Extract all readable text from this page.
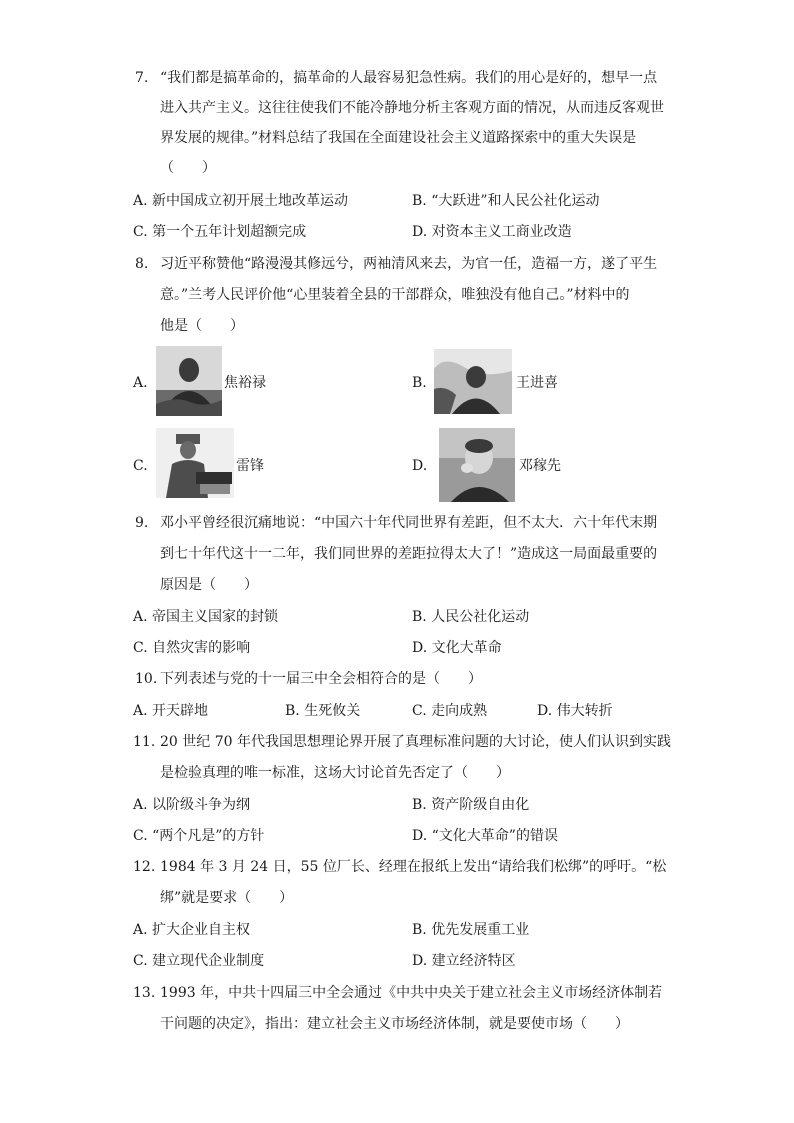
7. “我们都是搞革命的，搞革命的人最容易犯急性病。我们的用心是好的，想早一点
进入共产主义。这往往使我们不能冷静地分析主客观方面的情况，从而违反客观世
界发展的规律。”材料总结了我国在全面建设社会主义道路探索中的重大失误是
（　　）
A. 新中国成立初开展土地改革运动	B. “大跃进”和人民公社化运动
C. 第一个五年计划超额完成	D. 对资本主义工商业改造
8. 习近平称赞他“路漫漫其修远兮，两袖清风来去，为官一任，造福一方，遂了平生
意。”兰考人民评价他“心里装着全县的干部群众，唯独没有他自己。”材料中的
他是（　　）
A.	焦裕禄	B.	王进喜
C.	雷锋	D.	邓稼先
9. 邓小平曾经很沉痛地说：“中国六十年代同世界有差距，但不太大．六十年代末期
到七十年代这十一二年，我们同世界的差距拉得太大了！”造成这一局面最重要的
原因是（　　）
A. 帝国主义国家的封锁	B. 人民公社化运动
C. 自然灾害的影响	D. 文化大革命
10. 下列表述与党的十一届三中全会相符合的是（　　）
A. 开天辟地	B. 生死攸关	C. 走向成熟	D. 伟大转折
11. 20 世纪 70 年代我国思想理论界开展了真理标准问题的大讨论，使人们认识到实践
是检验真理的唯一标准，这场大讨论首先否定了（　　）
A. 以阶级斗争为纲	B. 资产阶级自由化
C. “两个凡是”的方针	D. “文化大革命”的错误
12. 1984 年 3 月 24 日，55 位厂长、经理在报纸上发出“请给我们松绑”的呼吁。“松
绑”就是要求（　　）
A. 扩大企业自主权	B. 优先发展重工业
C. 建立现代企业制度	D. 建立经济特区
13. 1993 年，中共十四届三中全会通过《中共中央关于建立社会主义市场经济体制若
干问题的决定》，指出：建立社会主义市场经济体制，就是要使市场（　　）
